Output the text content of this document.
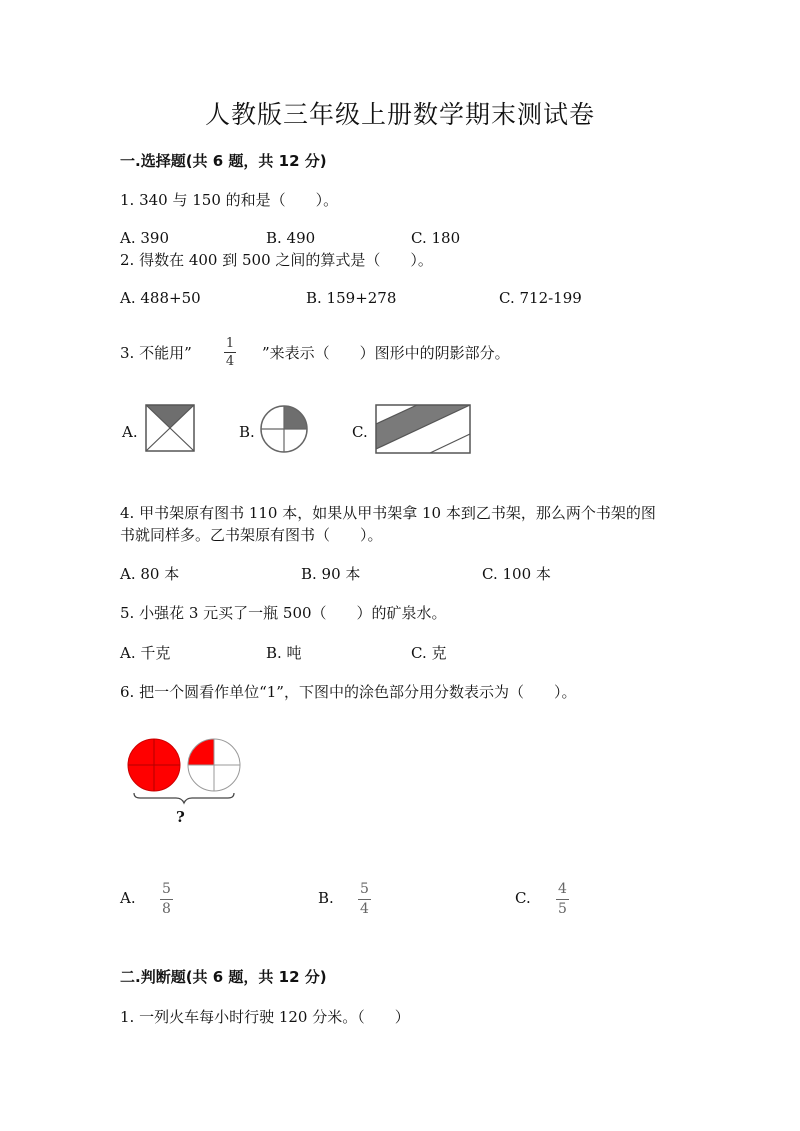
人教版三年级上册数学期末测试卷
一.选择题(共 6 题，共 12 分)
1. 340 与 150 的和是（　　）。
A. 390	B. 490	C. 180
2. 得数在 400 到 500 之间的算式是（　　）。
A. 488+50	B. 159+278	C. 712-199
3. 不能用”
1
4 ”来表示（　　）图形中的阴影部分。
A.	B.	C.
4. 甲书架原有图书 110 本，如果从甲书架拿 10 本到乙书架，那么两个书架的图
书就同样多。乙书架原有图书（　　）。
A. 80 本	B. 90 本	C. 100 本
5. 小强花 3 元买了一瓶 500（　　）的矿泉水。
A. 千克	B. 吨	C. 克
6. 把一个圆看作单位“1”，下图中的涂色部分用分数表示为（　　）。
?
A. 5
8
B. 5
4
C. 4
5
二.判断题(共 6 题，共 12 分)
1. 一列火车每小时行驶 120 分米。（　　）
